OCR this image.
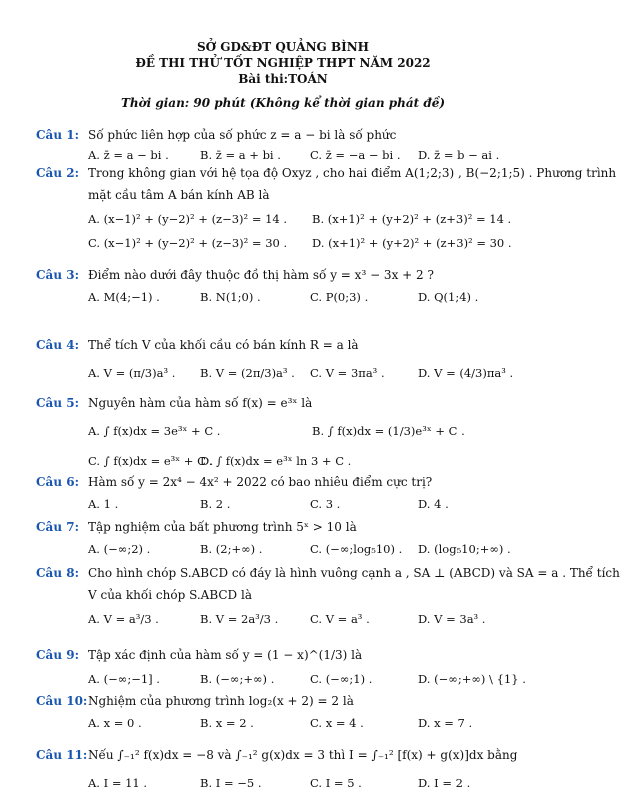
SỞ GD&ĐT QUẢNG BÌNH
ĐỀ THI THỬ TỐT NGHIỆP THPT NĂM 2022
Bài thi:TOÁN
Thời gian: 90 phút (Không kể thời gian phát đề)
Câu 1: Số phức liên hợp của số phức z = a − bi là số phức
A. z̄ = a − bi .	B. z̄ = a + bi .	C. z̄ = −a − bi . D. z̄ = b − ai .
Câu 2: Trong không gian với hệ tọa độ Oxyz , cho hai điểm A(1;2;3) , B(−2;1;5) . Phương trình
mặt cầu tâm A bán kính AB là
A. (x−1)² + (y−2)² + (z−3)² = 14 . B. (x+1)² + (y+2)² + (z+3)² = 14 .
C. (x−1)² + (y−2)² + (z−3)² = 30 . D. (x+1)² + (y+2)² + (z+3)² = 30 .
Câu 3: Điểm nào dưới đây thuộc đồ thị hàm số y = x³ − 3x + 2 ?
A. M(4;−1) .	B. N(1;0) .	C. P(0;3) .	D. Q(1;4) .
Câu 4: Thể tích V của khối cầu có bán kính R = a là
A. V = (π/3)a³ . B. V = (2π/3)a³ . C. V = 3πa³ .	D. V = (4/3)πa³ .
Câu 5: Nguyên hàm của hàm số f(x) = e³ˣ là
A. ∫ f(x)dx = 3e³ˣ + C .	B. ∫ f(x)dx = (1/3)e³ˣ + C .
C. ∫ f(x)dx = e³ˣ + C .
D. ∫ f(x)dx = e³ˣ ln 3 + C .
Câu 6: Hàm số y = 2x⁴ − 4x² + 2022 có bao nhiêu điểm cực trị?
A. 1 .	B. 2 .	C. 3 .	D. 4 .
Câu 7: Tập nghiệm của bất phương trình 5ˣ > 10 là
A. (−∞;2) .	B. (2;+∞) .	C. (−∞;log₅10) . D. (log₅10;+∞) .
Câu 8: Cho hình chóp S.ABCD có đáy là hình vuông cạnh a , SA ⊥ (ABCD) và SA = a . Thể tích
V của khối chóp S.ABCD là
A. V = a³/3 .	B. V = 2a³/3 .	C. V = a³ .	D. V = 3a³ .
Câu 9: Tập xác định của hàm số y = (1 − x)^(1/3) là
A. (−∞;−1] .	B. (−∞;+∞) .	C. (−∞;1) .	D. (−∞;+∞) \ {1} .
Câu 10: Nghiệm của phương trình log₂(x + 2) = 2 là
A. x = 0 .	B. x = 2 .	C. x = 4 .	D. x = 7 .
Câu 11: Nếu ∫₋₁² f(x)dx = −8 và ∫₋₁² g(x)dx = 3 thì I = ∫₋₁² [f(x) + g(x)]dx bằng
A. I = 11 .	B. I = −5 .	C. I = 5 .	D. I = 2 .
